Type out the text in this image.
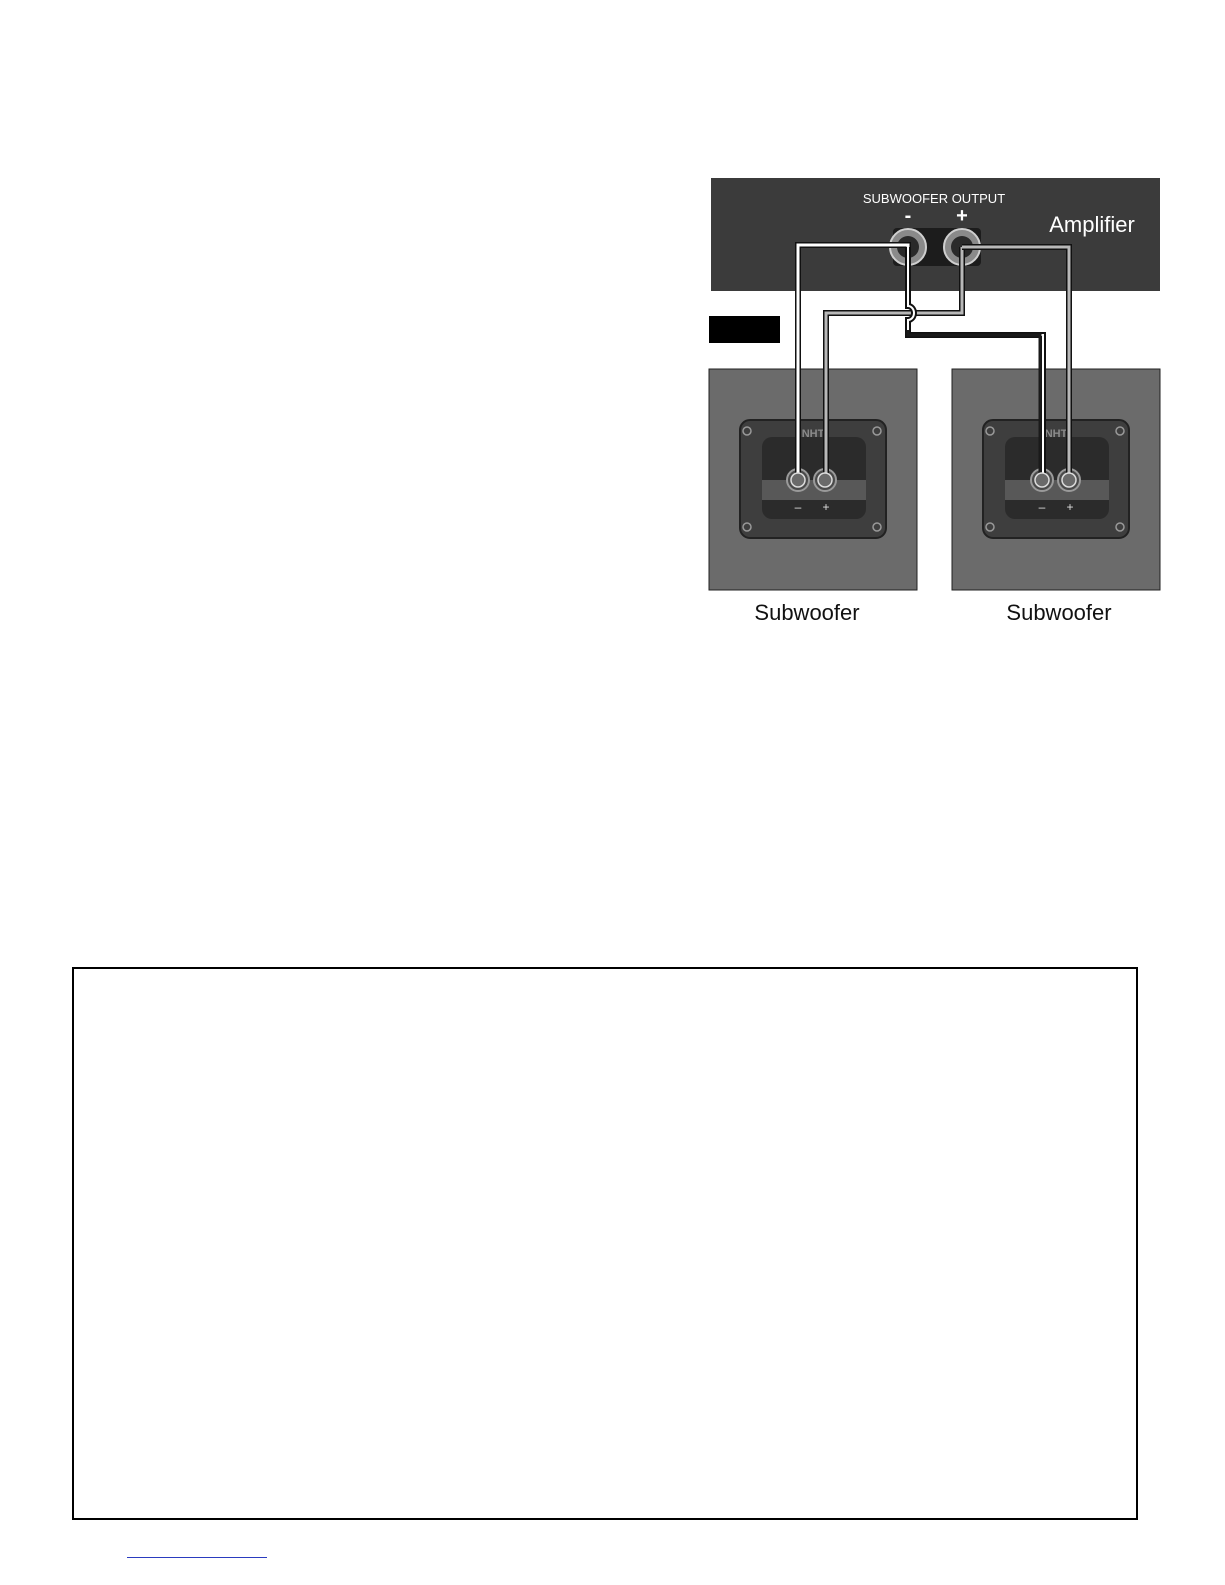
SUBWOOFER OUTPUT
- +	Amplifier
NHT
– +
NHT
– +
Subwoofer	Subwoofer
